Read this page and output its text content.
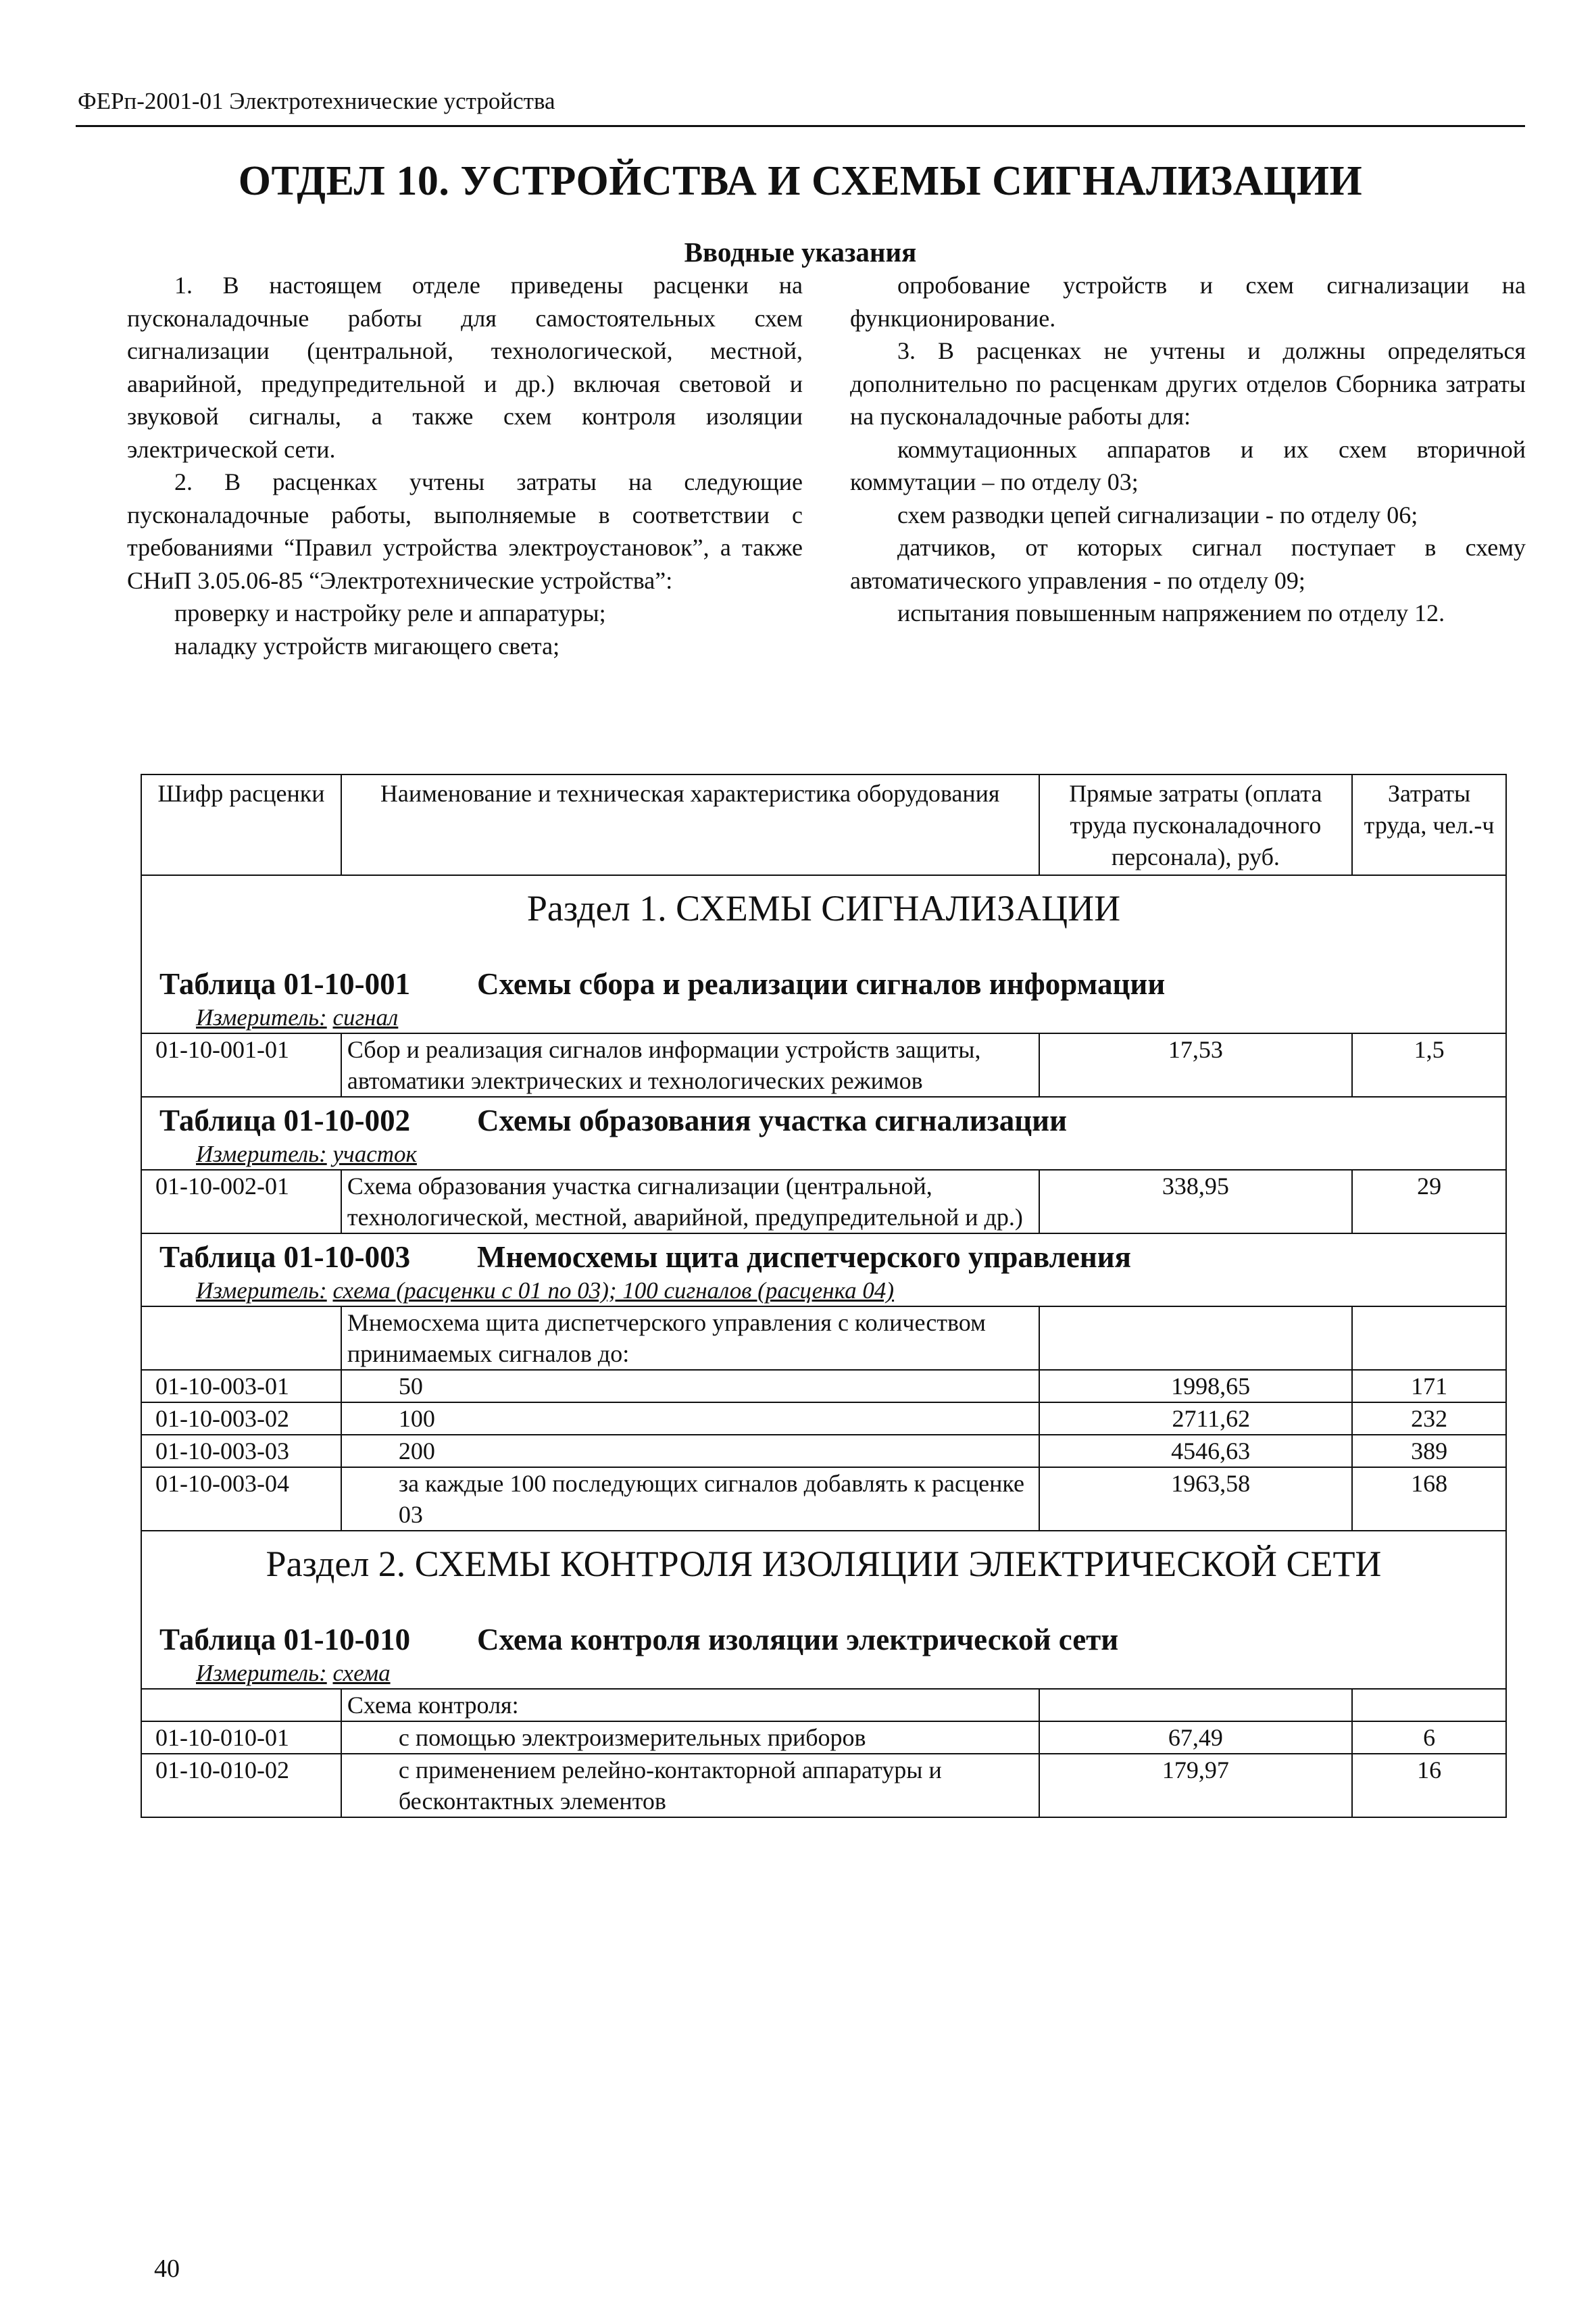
ФЕРп-2001-01 Электротехнические устройства
ОТДЕЛ 10. УСТРОЙСТВА И СХЕМЫ СИГНАЛИЗАЦИИ
Вводные указания

1. В настоящем отделе приведены расценки на пусконаладочные работы для самостоятельных схем сигнализации (центральной, технологической, местной, аварийной, предупредительной и др.) включая световой и звуковой сигналы, а также схем контроля изоляции электрической сети.

2. В расценках учтены затраты на следующие пусконаладочные работы, выполняемые в соответствии с требованиями “Правил устройства электроустановок”, а также СНиП 3.05.06-85 “Электротехнические устройства”:

проверку и настройку реле и аппаратуры;

наладку устройств мигающего света;

опробование устройств и схем сигнализации на функционирование.

3. В расценках не учтены и должны определяться дополнительно по расценкам других отделов Сборника затраты на пусконаладочные работы для:

коммутационных аппаратов и их схем вторичной коммутации – по отделу 03;

схем разводки цепей сигнализации - по отделу 06;

датчиков, от которых сигнал поступает в схему автоматического управления - по отделу 09;

испытания повышенным напряжением по отделу 12.

Шифр расценки	Наименование и техническая характеристика оборудования	Прямые затраты (оплата труда пусконаладочного персонала), руб.	Затраты труда, чел.-ч
Раздел 1. СХЕМЫ СИГНАЛИЗАЦИИ			
Таблица 01-10-001 Схемы сбора и реализации сигналов информации			
Измеритель: сигнал			
01-10-001-01	Сбор и реализация сигналов информации устройств защиты, автоматики электрических и технологических режимов	17,53	1,5
Таблица 01-10-002 Схемы образования участка сигнализации			
Измеритель: участок			
01-10-002-01	Схема образования участка сигнализации (центральной, технологической, местной, аварийной, предупредительной и др.)	338,95	29
Таблица 01-10-003 Мнемосхемы щита диспетчерского управления			
Измеритель: схема (расценки с 01 по 03); 100 сигналов (расценка 04)			
	Мнемосхема щита диспетчерского управления с количеством принимаемых сигналов до:		
01-10-003-01	50	1998,65	171
01-10-003-02	100	2711,62	232
01-10-003-03	200	4546,63	389
01-10-003-04	за каждые 100 последующих сигналов добавлять к расценке 03	1963,58	168
Раздел 2. СХЕМЫ КОНТРОЛЯ ИЗОЛЯЦИИ ЭЛЕКТРИЧЕСКОЙ СЕТИ			
Таблица 01-10-010 Схема контроля изоляции электрической сети			
Измеритель: схема			
	Схема контроля:		
01-10-010-01	с помощью электроизмерительных приборов	67,49	6
01-10-010-02	с применением релейно-контакторной аппаратуры и бесконтактных элементов	179,97	16
40
